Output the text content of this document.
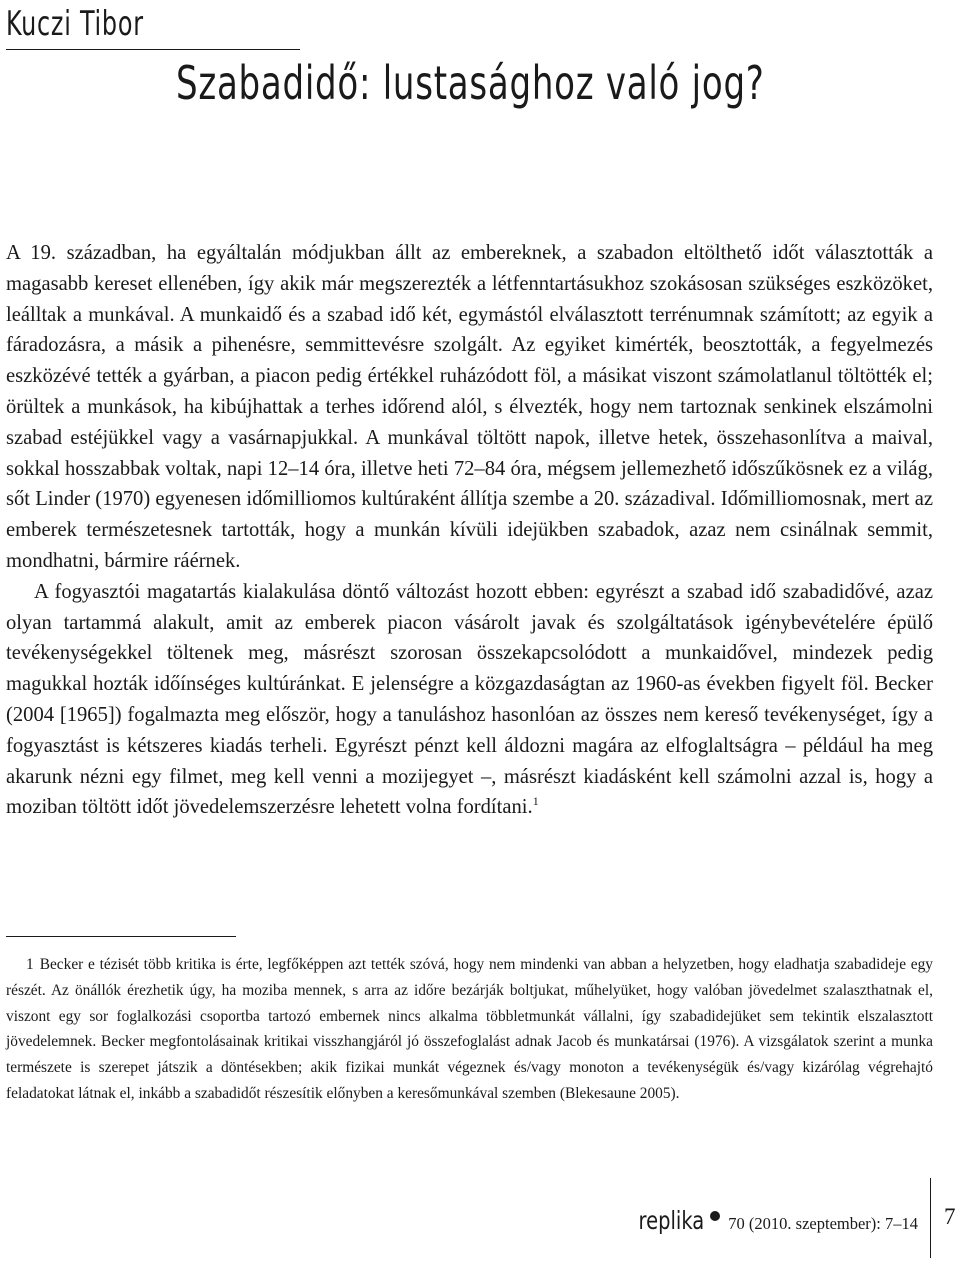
Kuczi Tibor
Szabadidő: lustasághoz való jog?

A 19. században, ha egyáltalán módjukban állt az embereknek, a szabadon eltölthető időt választották a magasabb kereset ellenében, így akik már megszerezték a létfenntartásukhoz szokásosan szükséges eszközöket, leálltak a munkával. A munkaidő és a szabad idő két, egymástól elválasztott terrénumnak számított; az egyik a fáradozásra, a másik a pihenésre, semmittevésre szolgált. Az egyiket kimérték, beosztották, a fegyelmezés eszközévé tették a gyárban, a piacon pedig értékkel ruházódott föl, a másikat viszont számolatlanul töltötték el; örültek a munkások, ha kibújhattak a terhes időrend alól, s élvezték, hogy nem tartoznak senkinek elszámolni szabad estéjükkel vagy a vasárnapjukkal. A munkával töltött napok, illetve hetek, összehasonlítva a maival, sokkal hosszabbak voltak, napi 12–14 óra, illetve heti 72–84 óra, mégsem jellemezhető időszűkösnek ez a világ, sőt Linder (1970) egyenesen időmilliomos kultúraként állítja szembe a 20. századival. Időmilliomosnak, mert az emberek természetesnek tartották, hogy a munkán kívüli idejükben szabadok, azaz nem csinálnak semmit, mondhatni, bármire ráérnek.

A fogyasztói magatartás kialakulása döntő változást hozott ebben: egyrészt a szabad idő szabadidővé, azaz olyan tartammá alakult, amit az emberek piacon vásárolt javak és szolgáltatások igénybevételére épülő tevékenységekkel töltenek meg, másrészt szorosan összekapcsolódott a munkaidővel, mindezek pedig magukkal hozták időínséges kultúránkat. E jelenségre a közgazdaságtan az 1960-as években figyelt föl. Becker (2004 [1965]) fogalmazta meg először, hogy a tanuláshoz hasonlóan az összes nem kereső tevékenységet, így a fogyasztást is kétszeres kiadás terheli. Egyrészt pénzt kell áldozni magára az elfoglaltságra – például ha meg akarunk nézni egy filmet, meg kell venni a mozijegyet –, másrészt kiadásként kell számolni azzal is, hogy a moziban töltött időt jövedelemszerzésre lehetett volna fordítani.$^1$

1 Becker e tézisét több kritika is érte, legfőképpen azt tették szóvá, hogy nem mindenki van abban a helyzetben, hogy eladhatja szabadideje egy részét. Az önállók érezhetik úgy, ha moziba mennek, s arra az időre bezárják boltjukat, műhelyüket, hogy valóban jövedelmet szalaszthatnak el, viszont egy sor foglalkozási csoportba tartozó embernek nincs alkalma többletmunkát vállalni, így szabadidejüket sem tekintik elszalasztott jövedelemnek. Becker megfontolásainak kritikai visszhangjáról jó összefoglalást adnak Jacob és munkatársai (1976). A vizsgálatok szerint a munka természete is szerepet játszik a döntésekben; akik fizikai munkát végeznek és/vagy monoton a tevékenységük és/vagy kizárólag végrehajtó feladatokat látnak el, inkább a szabadidőt részesítik előnyben a keresőmunkával szemben (Blekesaune 2005).

replika 70 (2010. szeptember): 7–14 7
